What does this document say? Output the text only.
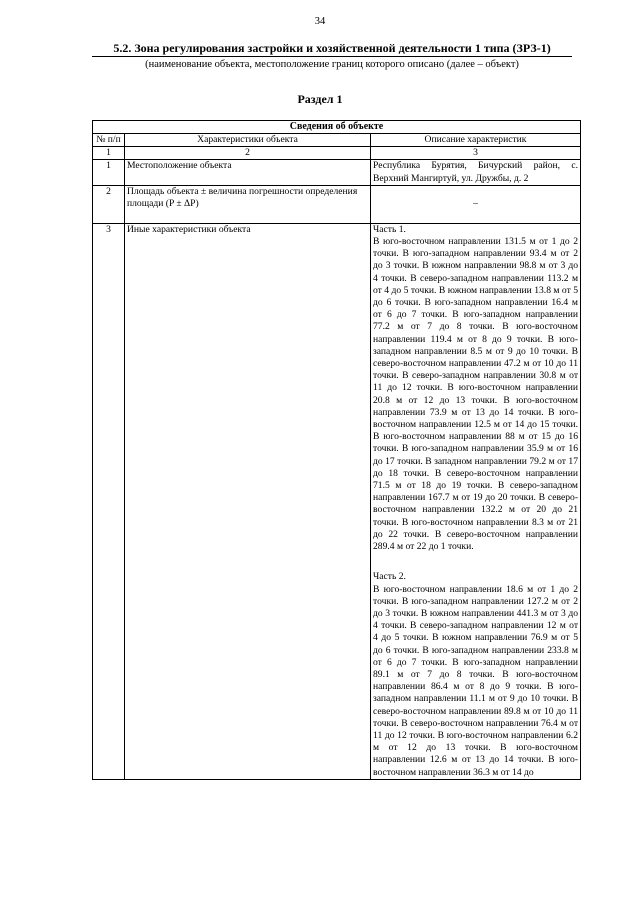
34
5.2. Зона регулирования застройки и хозяйственной деятельности 1 типа (ЗРЗ-1)
(наименование объекта, местоположение границ которого описано (далее – объект)
Раздел 1
Сведения об объекте		
№ п/п	Характеристики объекта	Описание характеристик
1	2	3
1	Местоположение объекта	Республика Бурятия, Бичурский район, с. Верхний Мангиртуй, ул. Дружбы, д. 2
2	Площадь объекта ± величина погрешности определения площади (P ± ΔP)	–
3	Иные характеристики объекта	Часть 1.
В юго-восточном направлении 131.5 м от 1 до 2 точки. В юго-западном направлении 93.4 м от 2 до 3 точки. В южном направлении 98.8 м от 3 до 4 точки. В северо-западном направлении 113.2 м от 4 до 5 точки. В южном направлении 13.8 м от 5 до 6 точки. В юго-западном направлении 16.4 м от 6 до 7 точки. В юго-западном направлении 77.2 м от 7 до 8 точки. В юго-восточном направлении 119.4 м от 8 до 9 точки. В юго-западном направлении 8.5 м от 9 до 10 точки. В северо-восточном направлении 47.2 м от 10 до 11 точки. В северо-западном направлении 30.8 м от 11 до 12 точки. В юго-восточном направлении 20.8 м от 12 до 13 точки. В юго-восточном направлении 73.9 м от 13 до 14 точки. В юго-восточном направлении 12.5 м от 14 до 15 точки. В юго-восточном направлении 88 м от 15 до 16 точки. В юго-западном направлении 35.9 м от 16 до 17 точки. В западном направлении 79.2 м от 17 до 18 точки. В северо-восточном направлении 71.5 м от 18 до 19 точки. В северо-западном направлении 167.7 м от 19 до 20 точки. В северо-восточном направлении 132.2 м от 20 до 21 точки. В юго-восточном направлении 8.3 м от 21 до 22 точки. В северо-восточном направлении 289.4 м от 22 до 1 точки.
Часть 2.
В юго-восточном направлении 18.6 м от 1 до 2 точки. В юго-западном направлении 127.2 м от 2 до 3 точки. В южном направлении 441.3 м от 3 до 4 точки. В северо-западном направлении 12 м от 4 до 5 точки. В южном направлении 76.9 м от 5 до 6 точки. В юго-западном направлении 233.8 м от 6 до 7 точки. В юго-западном направлении 89.1 м от 7 до 8 точки. В юго-восточном направлении 86.4 м от 8 до 9 точки. В юго-западном направлении 11.1 м от 9 до 10 точки. В северо-восточном направлении 89.8 м от 10 до 11 точки. В северо-восточном направлении 76.4 м от 11 до 12 точки. В юго-восточном направлении 6.2 м от 12 до 13 точки. В юго-восточном направлении 12.6 м от 13 до 14 точки. В юго-восточном направлении 36.3 м от 14 до
